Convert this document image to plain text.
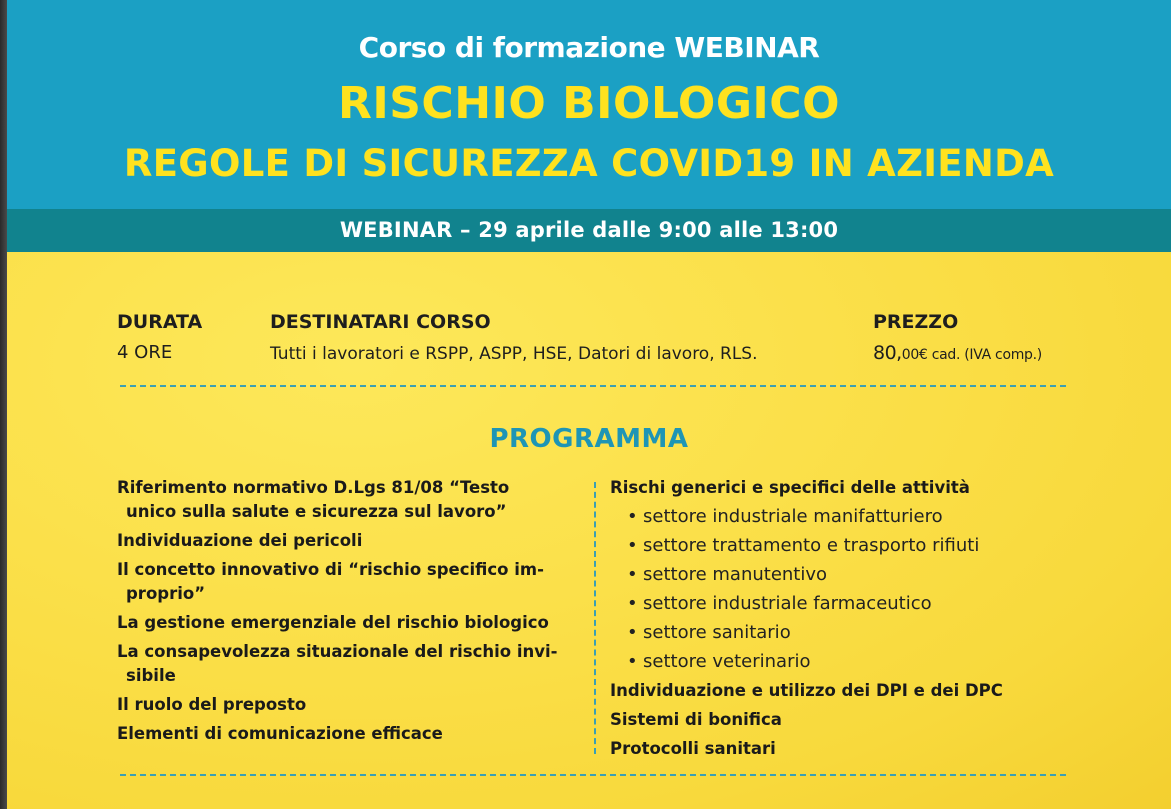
Corso di formazione WEBINAR
RISCHIO BIOLOGICO
REGOLE DI SICUREZZA COVID19 IN AZIENDA
WEBINAR – 29 aprile dalle 9:00 alle 13:00
DURATA
4 ORE
DESTINATARI CORSO
Tutti i lavoratori e RSPP, ASPP, HSE, Datori di lavoro, RLS.
PREZZO
80,00€ cad. (IVA comp.)
PROGRAMMA
Riferimento normativo D.Lgs 81/08 “Testo
unico sulla salute e sicurezza sul lavoro”
Individuazione dei pericoli
Il concetto innovativo di “rischio specifico im-
proprio”
La gestione emergenziale del rischio biologico
La consapevolezza situazionale del rischio invi-
sibile
Il ruolo del preposto
Elementi di comunicazione efficace
Rischi generici e specifici delle attività
• settore industriale manifatturiero
• settore trattamento e trasporto rifiuti
• settore manutentivo
• settore industriale farmaceutico
• settore sanitario
• settore veterinario
Individuazione e utilizzo dei DPI e dei DPC
Sistemi di bonifica
Protocolli sanitari
